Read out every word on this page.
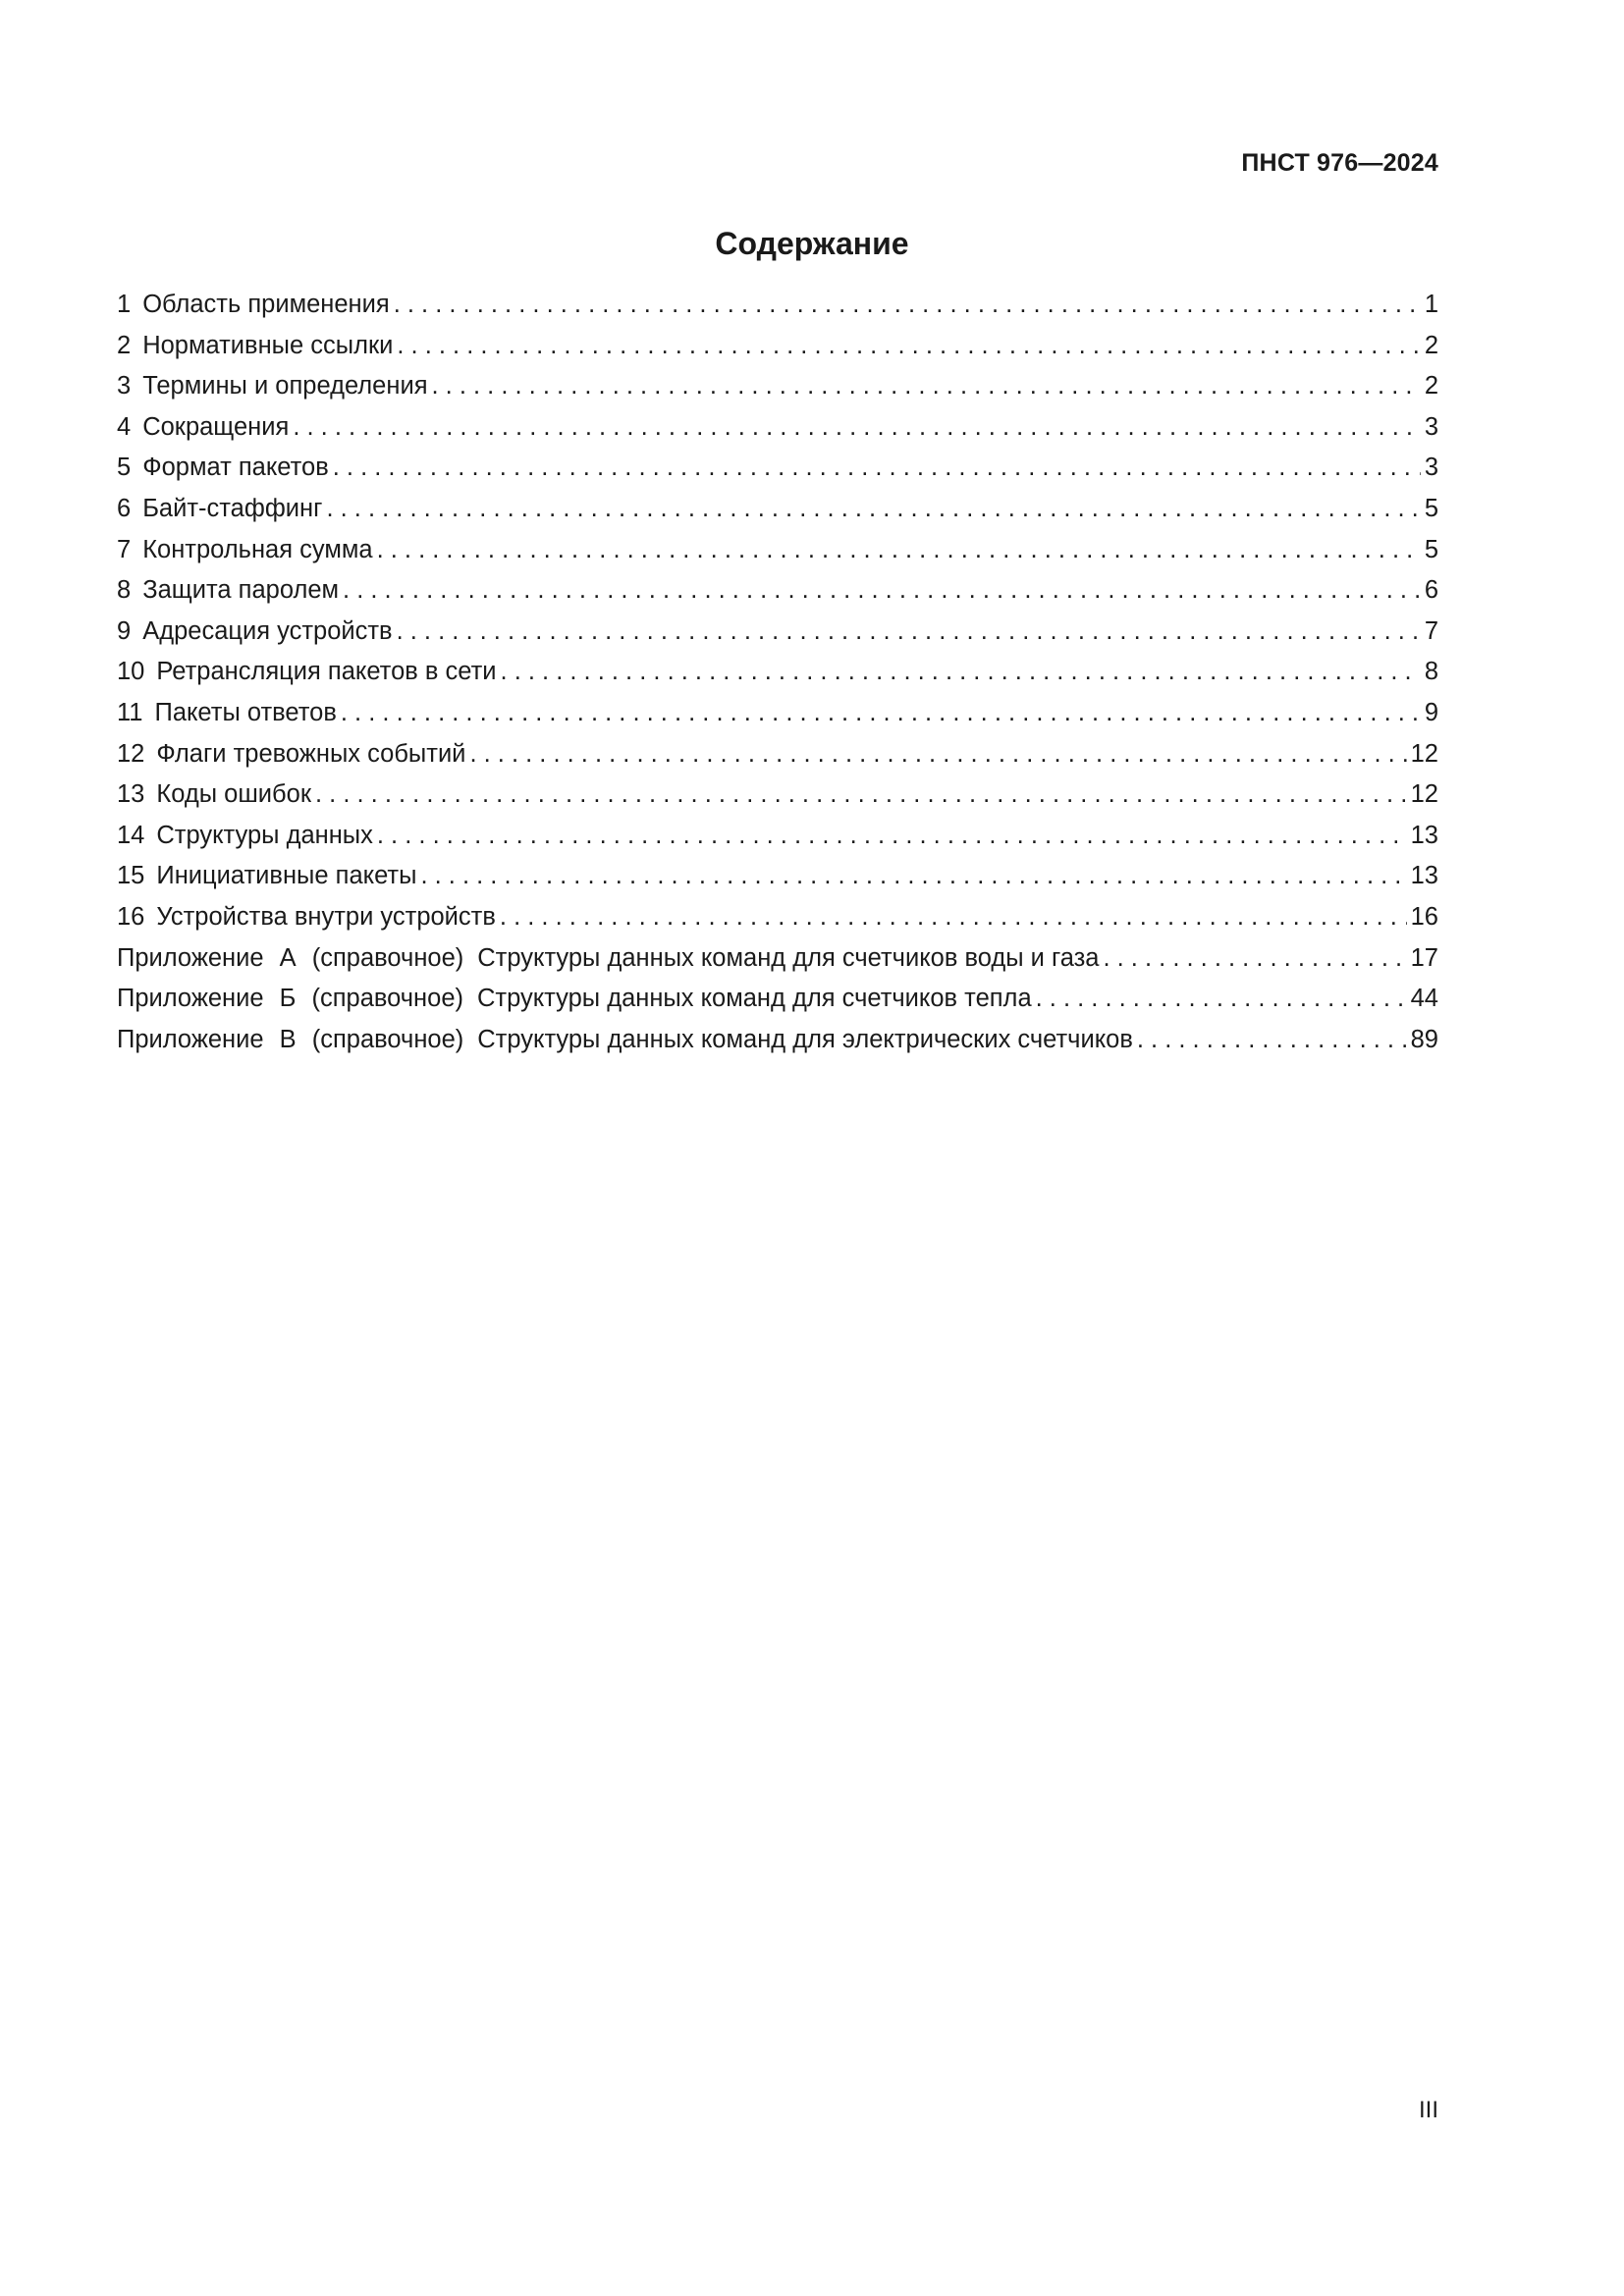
ПНСТ 976—2024
Содержание
1 Область применения . . .	1
2 Нормативные ссылки . . .	2
3 Термины и определения . . .	2
4 Сокращения . . .	3
5 Формат пакетов . . .	3
6 Байт-стаффинг . . .	5
7 Контрольная сумма . . .	5
8 Защита паролем . . .	6
9 Адресация устройств . . .	7
10 Ретрансляция пакетов в сети . . .	8
11 Пакеты ответов . . .	9
12 Флаги тревожных событий . . .	12
13 Коды ошибок . . .	12
14 Структуры данных . . .	13
15 Инициативные пакеты . . .	13
16 Устройства внутри устройств . . .	16
Приложение А (справочное) Структуры данных команд для счетчиков воды и газа . . .	17
Приложение Б (справочное) Структуры данных команд для счетчиков тепла . . .	44
Приложение В (справочное) Структуры данных команд для электрических счетчиков . . .	89
III
